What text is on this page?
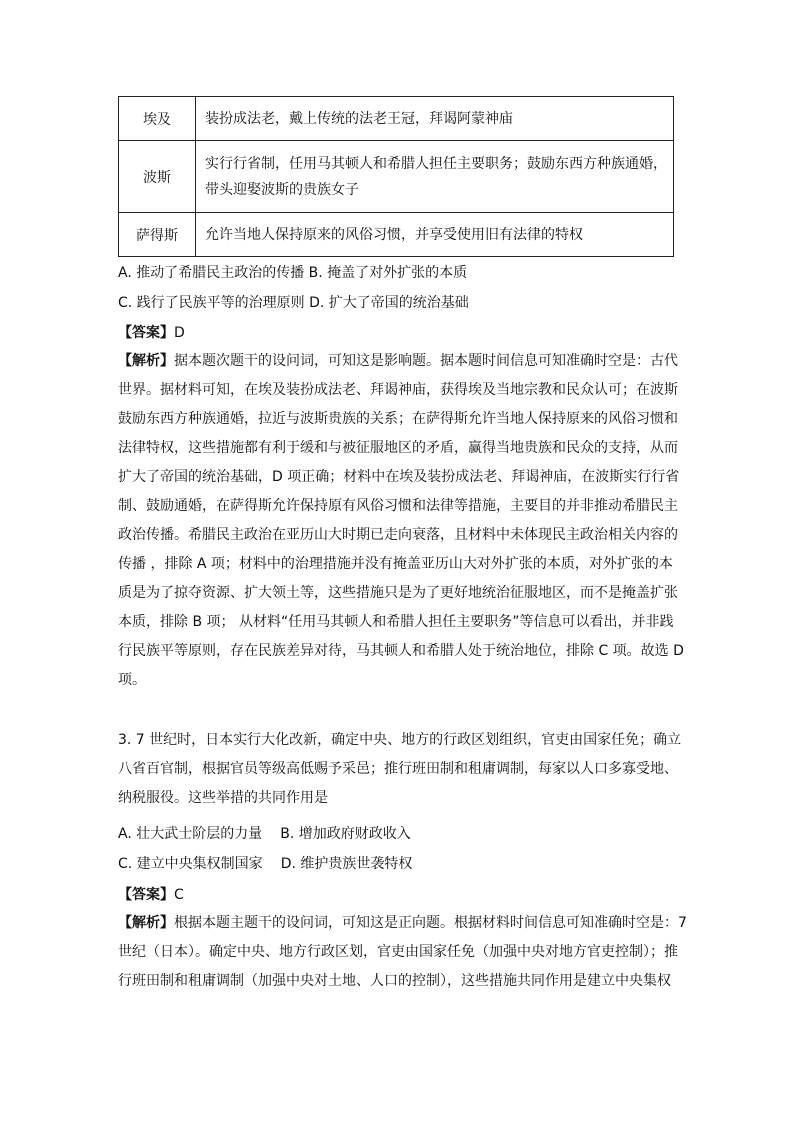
埃及	装扮成法老，戴上传统的法老王冠，拜谒阿蒙神庙
波斯	实行行省制，任用马其顿人和希腊人担任主要职务；鼓励东西方种族通婚，
带头迎娶波斯的贵族女子

萨得斯	允许当地人保持原来的风俗习惯，并享受使用旧有法律的特权
A. 推动了希腊民主政治的传播 B. 掩盖了对外扩张的本质
C. 践行了民族平等的治理原则 D. 扩大了帝国的统治基础
【答案】D
【解析】据本题次题干的设问词，可知这是影响题。据本题时间信息可知准确时空是：古代
世界。据材料可知，在埃及装扮成法老、拜谒神庙，获得埃及当地宗教和民众认可；在波斯
鼓励东西方种族通婚，拉近与波斯贵族的关系；在萨得斯允许当地人保持原来的风俗习惯和
法律特权，这些措施都有利于缓和与被征服地区的矛盾，赢得当地贵族和民众的支持，从而
扩大了帝国的统治基础，D 项正确；材料中在埃及装扮成法老、拜谒神庙，在波斯实行行省
制、鼓励通婚，在萨得斯允许保持原有风俗习惯和法律等措施，主要目的并非推动希腊民主
政治传播。希腊民主政治在亚历山大时期已走向衰落，且材料中未体现民主政治相关内容的
传播 ，排除 A 项；材料中的治理措施并没有掩盖亚历山大对外扩张的本质，对外扩张的本
质是为了掠夺资源、扩大领土等，这些措施只是为了更好地统治征服地区，而不是掩盖扩张
本质，排除 B 项； 从材料“任用马其顿人和希腊人担任主要职务”等信息可以看出，并非践
行民族平等原则，存在民族差异对待，马其顿人和希腊人处于统治地位，排除 C 项。故选 D
项。
3. 7 世纪时，日本实行大化改新，确定中央、地方的行政区划组织，官吏由国家任免；确立
八省百官制，根据官员等级高低赐予采邑；推行班田制和租庸调制，每家以人口多寡受地、
纳税服役。这些举措的共同作用是
A. 壮大武士阶层的力量 B. 增加政府财政收入
C. 建立中央集权制国家 D. 维护贵族世袭特权
【答案】C
【解析】根据本题主题干的设问词，可知这是正向题。根据材料时间信息可知准确时空是：7
世纪（日本）。确定中央、地方行政区划，官吏由国家任免（加强中央对地方官吏控制）；推
行班田制和租庸调制（加强中央对土地、人口的控制），这些措施共同作用是建立中央集权
